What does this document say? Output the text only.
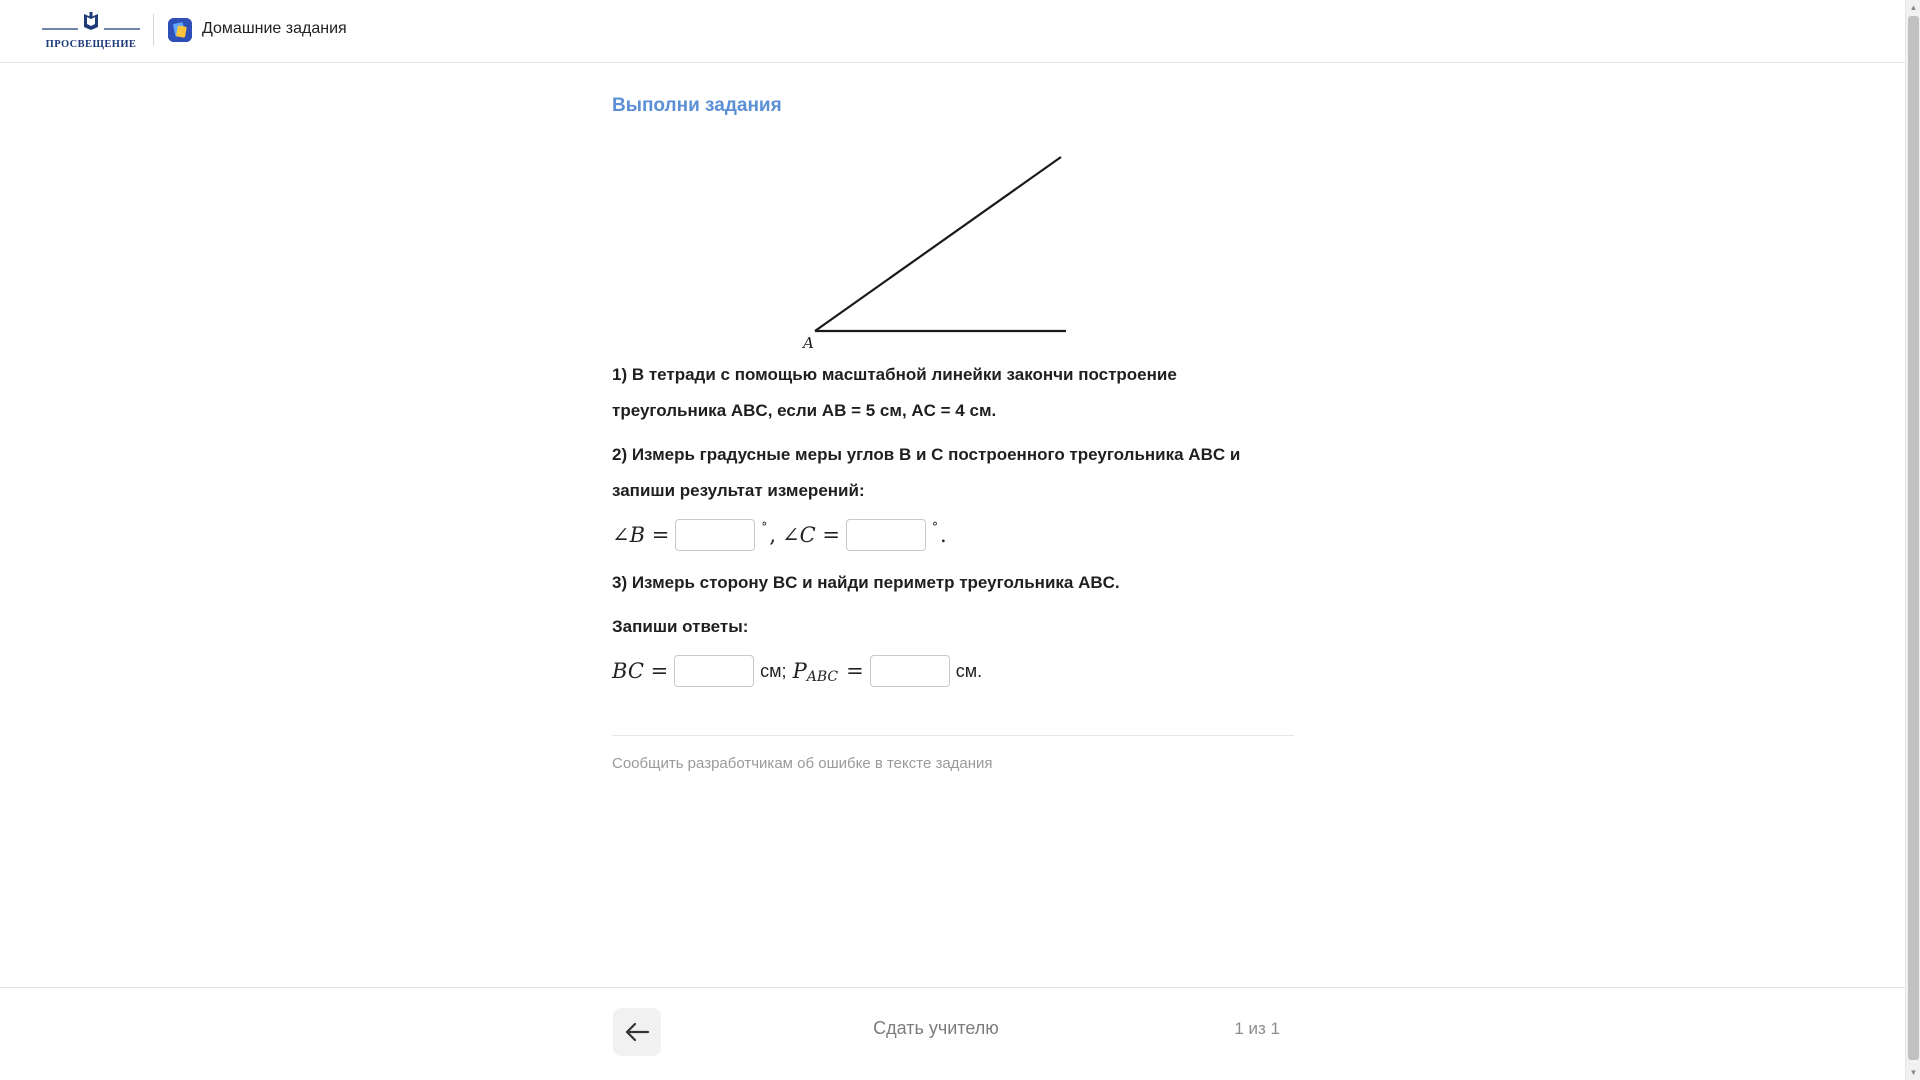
ПРОСВЕЩЕНИЕ
Домашние задания
▲
▼
Выполни задания
A

1) В тетради с помощью масштабной линейки закончи построение треугольника ABC, если AB = 5 см, AC = 4 см.

2) Измерь градусные меры углов B и C построенного треугольника ABC и запиши результат измерений:

∠B =	° , ∠C =	° .

3) Измерь сторону BC и найди периметр треугольника ABC.

Запиши ответы:

BC =	см; P ABC =	см.
Сообщить разработчикам об ошибке в тексте задания
Сдать учителю	1 из 1
